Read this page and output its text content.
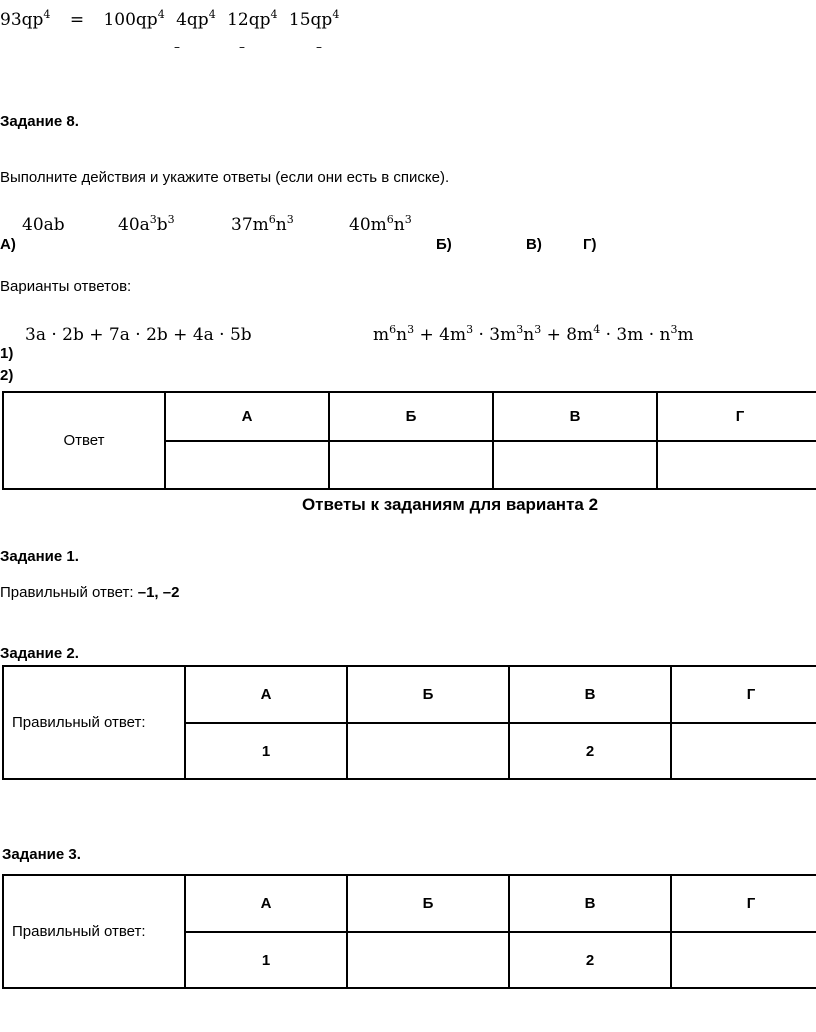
$93qp^4 = 100qp^4$ $4qp^4$ $12qp^4$ $15qp^4$
–	–	–
Задание 8.
Выполните действия и укажите ответы (если они есть в списке).
40ab	$40a^3b^3$	$37m^6n^3$	$40m^6n^3$
А)	Б)	В)	Г)
Варианты ответов:
3a · 2b + 7a · 2b + 4a · 5b	$m^6n^3 + 4m^3 \cdot 3m^3n^3 + 8m^4 \cdot 3m \cdot n^3m$
1)
2)
Ответ	А	Б	В	Г

Ответы к заданиям для варианта 2
Задание 1.
Правильный ответ: –1, –2
Задание 2.
Правильный ответ:	А	Б	В	Г
	1		2	
Задание 3.
Правильный ответ:	А	Б	В	Г
	1		2	
